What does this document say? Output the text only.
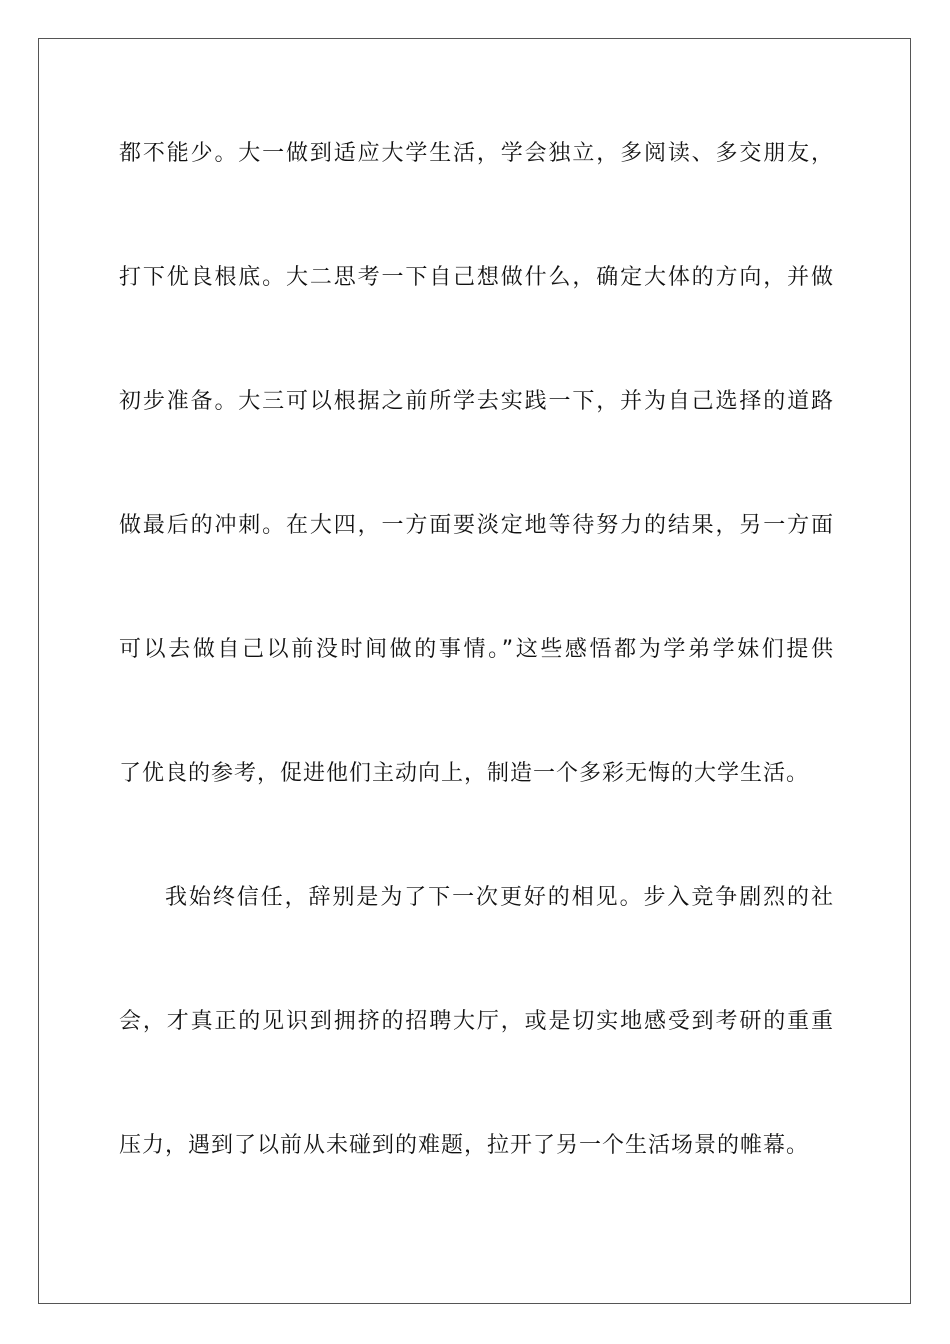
都不能少。大一做到适应大学生活，学会独立，多阅读、多交朋友，
打下优良根底。大二思考一下自己想做什么，确定大体的方向，并做
初步准备。大三可以根据之前所学去实践一下，并为自己选择的道路
做最后的冲刺。在大四，一方面要淡定地等待努力的结果，另一方面
可以去做自己以前没时间做的事情。”这些感悟都为学弟学妹们提供
了优良的参考，促进他们主动向上，制造一个多彩无悔的大学生活。
我始终信任，辞别是为了下一次更好的相见。步入竞争剧烈的社
会，才真正的见识到拥挤的招聘大厅，或是切实地感受到考研的重重
压力，遇到了以前从未碰到的难题，拉开了另一个生活场景的帷幕。
